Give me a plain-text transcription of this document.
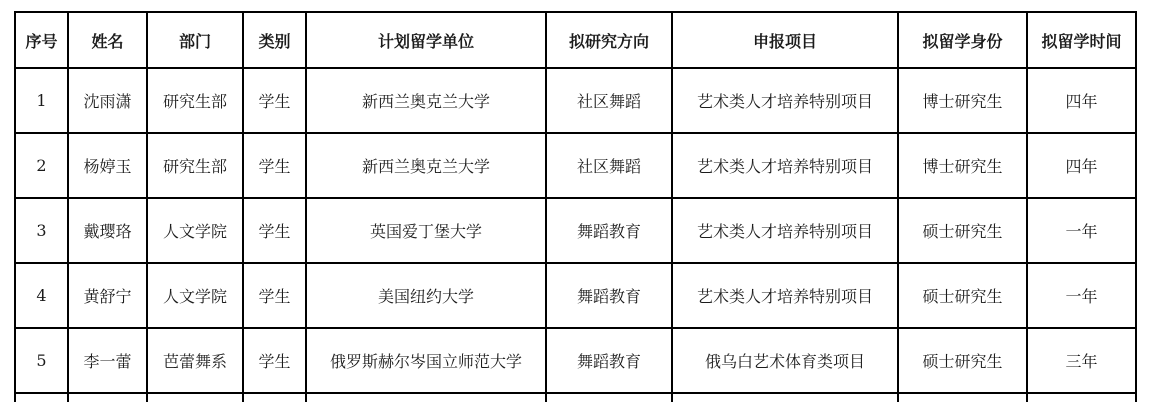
序号	姓名	部门	类别	计划留学单位	拟研究方向	申报项目	拟留学身份	拟留学时间
1	沈雨潇	研究生部	学生	新西兰奥克兰大学	社区舞蹈	艺术类人才培养特别项目	博士研究生	四年
2	杨婷玉	研究生部	学生	新西兰奥克兰大学	社区舞蹈	艺术类人才培养特别项目	博士研究生	四年
3	戴璎珞	人文学院	学生	英国爱丁堡大学	舞蹈教育	艺术类人才培养特别项目	硕士研究生	一年
4	黄舒宁	人文学院	学生	美国纽约大学	舞蹈教育	艺术类人才培养特别项目	硕士研究生	一年
5	李一蕾	芭蕾舞系	学生	俄罗斯赫尔岑国立师范大学	舞蹈教育	俄乌白艺术体育类项目	硕士研究生	三年
